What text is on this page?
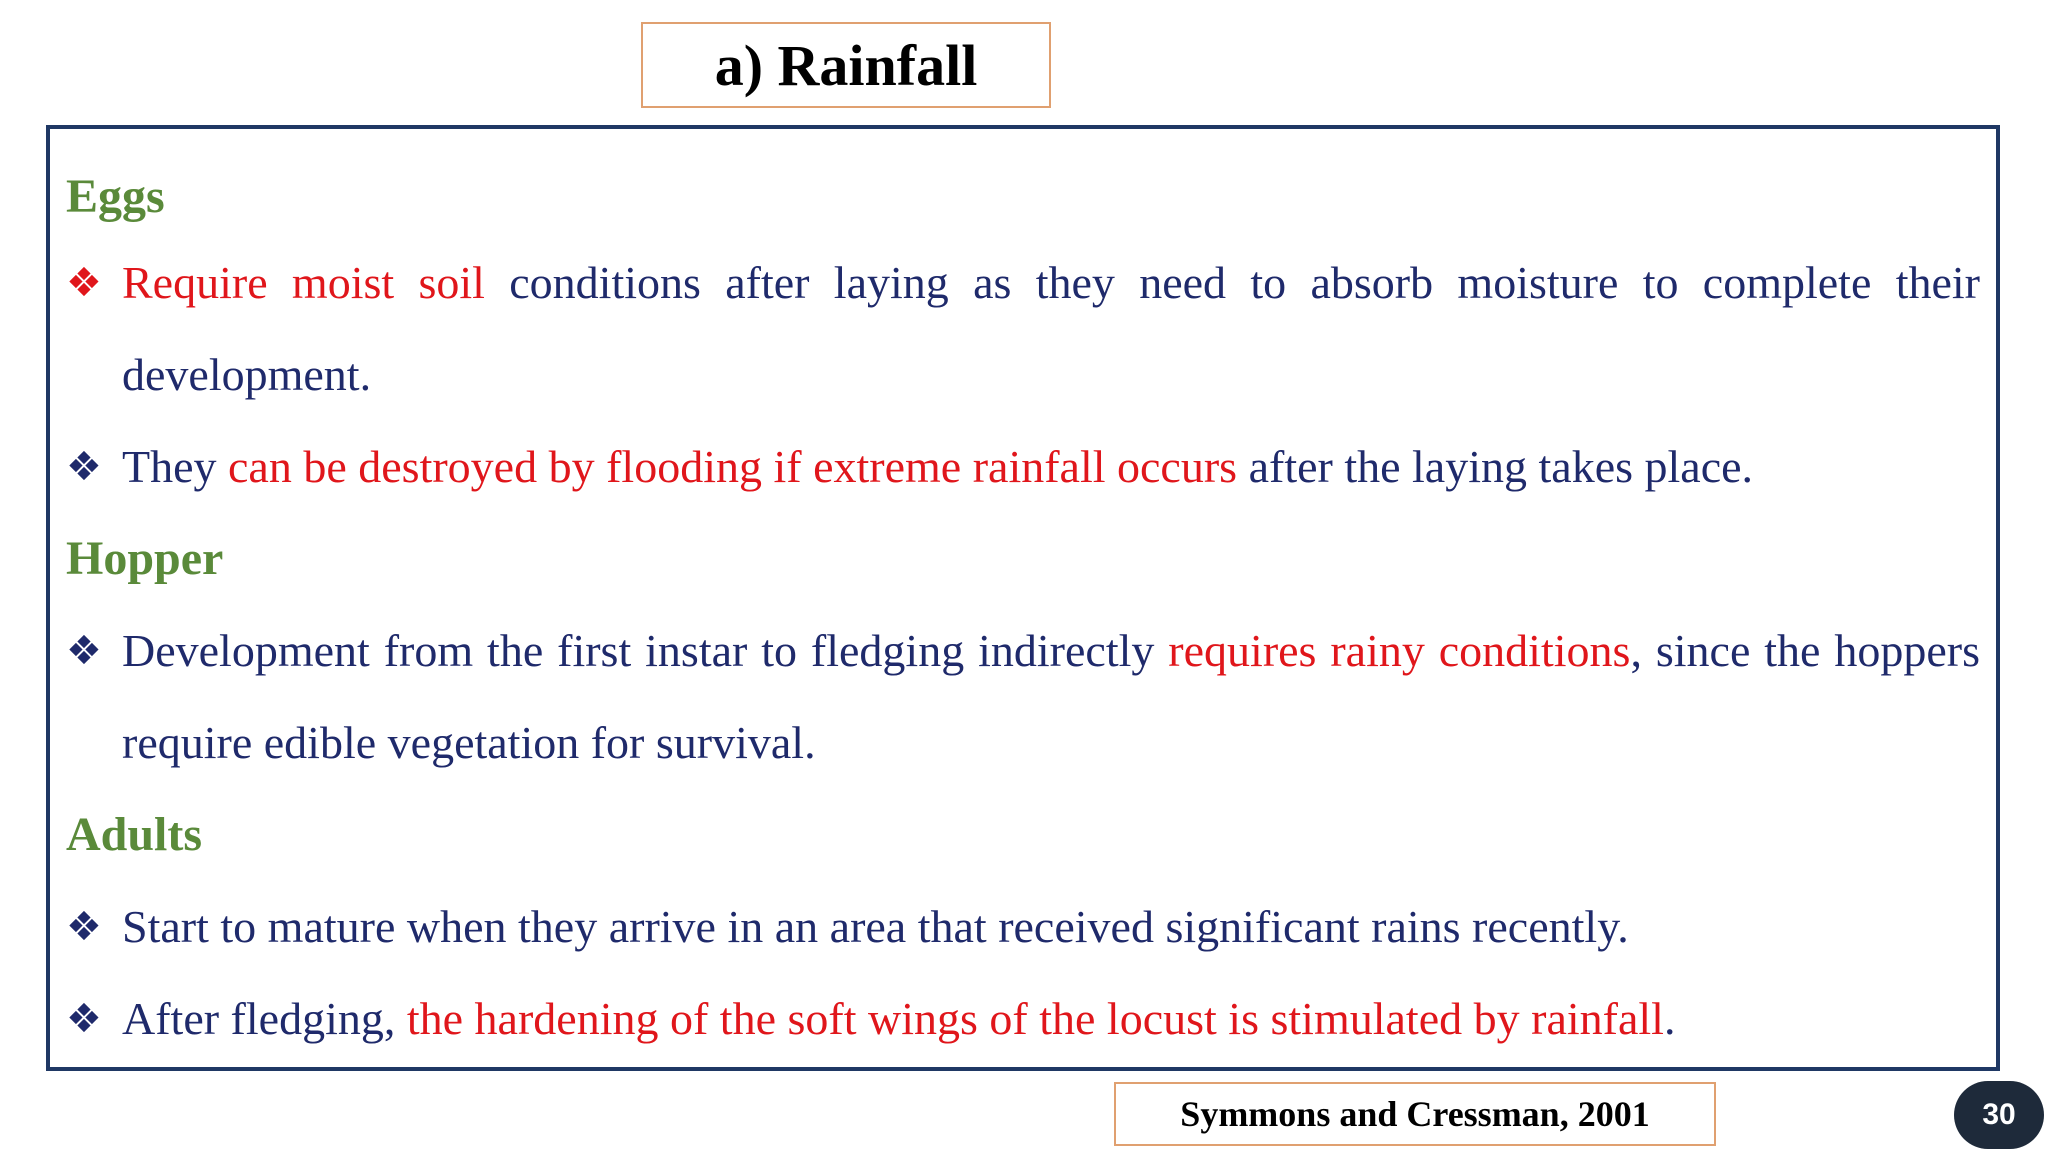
a) Rainfall
Eggs
❖ Require moist soil conditions after laying as they need to absorb moisture to complete their development.
❖ They can be destroyed by flooding if extreme rainfall occurs after the laying takes place.
Hopper
❖ Development from the first instar to fledging indirectly requires rainy conditions, since the hoppers require edible vegetation for survival.
Adults
❖ Start to mature when they arrive in an area that received significant rains recently.
❖ After fledging, the hardening of the soft wings of the locust is stimulated by rainfall.
Symmons and Cressman, 2001	30
